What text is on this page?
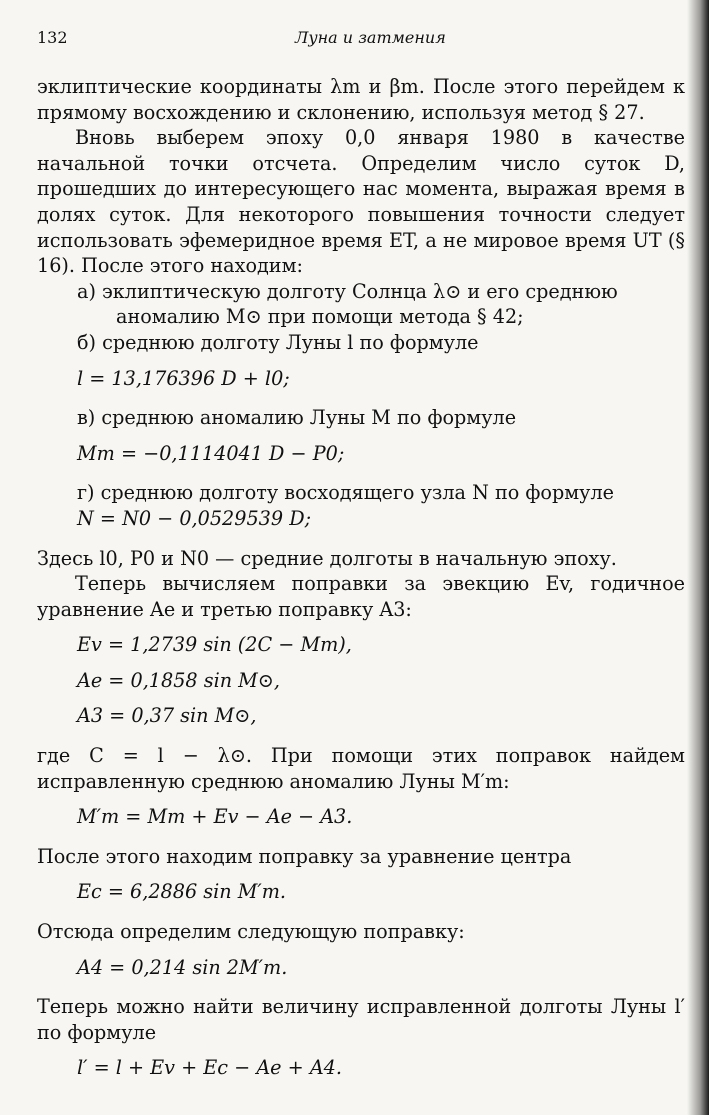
132	Луна и затмения

эклиптические координаты λm и βm. После этого перейдем к прямому восхождению и склонению, используя метод § 27.

Вновь выберем эпоху 0,0 января 1980 в качестве начальной точки отсчета. Определим число суток D, прошедших до интересующего нас момента, выражая время в долях суток. Для некоторого повышения точности следует использовать эфемеридное время ET, а не мировое время UT (§ 16). После этого находим:

а) эклиптическую долготу Солнца λ⊙ и его среднюю

аномалию M⊙ при помощи метода § 42;

б) среднюю долготу Луны l по формуле

l = 13,176396 D + l0;

в) среднюю аномалию Луны M по формуле

Mm = −0,1114041 D − P0;

г) среднюю долготу восходящего узла N по формуле

N = N0 − 0,0529539 D;

Здесь l0, P0 и N0 — средние долготы в начальную эпоху.

Теперь вычисляем поправки за эвекцию Ev, годичное уравнение Ae и третью поправку A3:

Ev = 1,2739 sin (2C − Mm),

Ae = 0,1858 sin M⊙,

A3 = 0,37 sin M⊙,

где C = l − λ⊙. При помощи этих поправок найдем исправленную среднюю аномалию Луны M′m:

M′m = Mm + Ev − Ae − A3.

После этого находим поправку за уравнение центра

Ec = 6,2886 sin M′m.

Отсюда определим следующую поправку:

A4 = 0,214 sin 2M′m.

Теперь можно найти величину исправленной долготы Луны l′ по формуле

l′ = l + Ev + Ec − Ae + A4.
